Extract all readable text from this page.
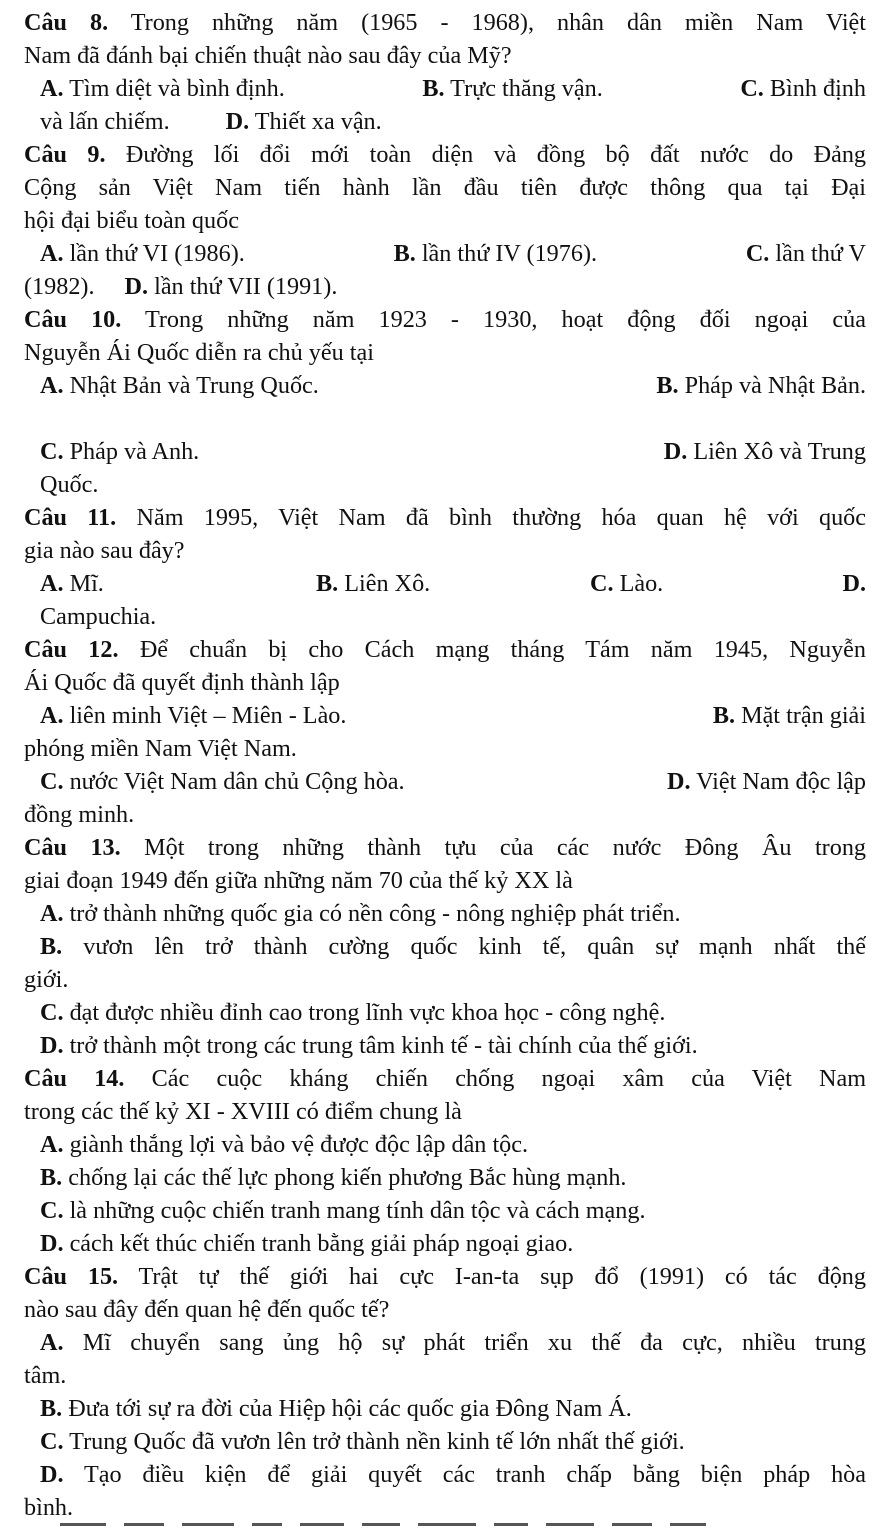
Câu 8. Trong những năm (1965 - 1968), nhân dân miền Nam Việt
Nam đã đánh bại chiến thuật nào sau đây của Mỹ?
A. Tìm diệt và bình định.	B. Trực thăng vận.	C. Bình định
và lấn chiếm. D. Thiết xa vận.
Câu 9. Đường lối đổi mới toàn diện và đồng bộ đất nước do Đảng
Cộng sản Việt Nam tiến hành lần đầu tiên được thông qua tại Đại
hội đại biểu toàn quốc
A. lần thứ VI (1986).	B. lần thứ IV (1976).	C. lần thứ V
(1982). D. lần thứ VII (1991).
Câu 10. Trong những năm 1923 - 1930, hoạt động đối ngoại của
Nguyễn Ái Quốc diễn ra chủ yếu tại
A. Nhật Bản và Trung Quốc.	B. Pháp và Nhật Bản.
C. Pháp và Anh.	D. Liên Xô và Trung
Quốc.
Câu 11. Năm 1995, Việt Nam đã bình thường hóa quan hệ với quốc
gia nào sau đây?
A. Mĩ.	B. Liên Xô.	C. Lào.	D.
Campuchia.
Câu 12. Để chuẩn bị cho Cách mạng tháng Tám năm 1945, Nguyễn
Ái Quốc đã quyết định thành lập
A. liên minh Việt – Miên - Lào.	B. Mặt trận giải
phóng miền Nam Việt Nam.
C. nước Việt Nam dân chủ Cộng hòa.	D. Việt Nam độc lập
đồng minh.
Câu 13. Một trong những thành tựu của các nước Đông Âu trong
giai đoạn 1949 đến giữa những năm 70 của thế kỷ XX là
A. trở thành những quốc gia có nền công - nông nghiệp phát triển.
B. vươn lên trở thành cường quốc kinh tế, quân sự mạnh nhất thế
giới.
C. đạt được nhiều đỉnh cao trong lĩnh vực khoa học - công nghệ.
D. trở thành một trong các trung tâm kinh tế - tài chính của thế giới.
Câu 14. Các cuộc kháng chiến chống ngoại xâm của Việt Nam
trong các thế kỷ XI - XVIII có điểm chung là
A. giành thắng lợi và bảo vệ được độc lập dân tộc.
B. chống lại các thế lực phong kiến phương Bắc hùng mạnh.
C. là những cuộc chiến tranh mang tính dân tộc và cách mạng.
D. cách kết thúc chiến tranh bằng giải pháp ngoại giao.
Câu 15. Trật tự thế giới hai cực I-an-ta sụp đổ (1991) có tác động
nào sau đây đến quan hệ đến quốc tế?
A. Mĩ chuyển sang ủng hộ sự phát triển xu thế đa cực, nhiều trung
tâm.
B. Đưa tới sự ra đời của Hiệp hội các quốc gia Đông Nam Á.
C. Trung Quốc đã vươn lên trở thành nền kinh tế lớn nhất thế giới.
D. Tạo điều kiện để giải quyết các tranh chấp bằng biện pháp hòa
bình.
